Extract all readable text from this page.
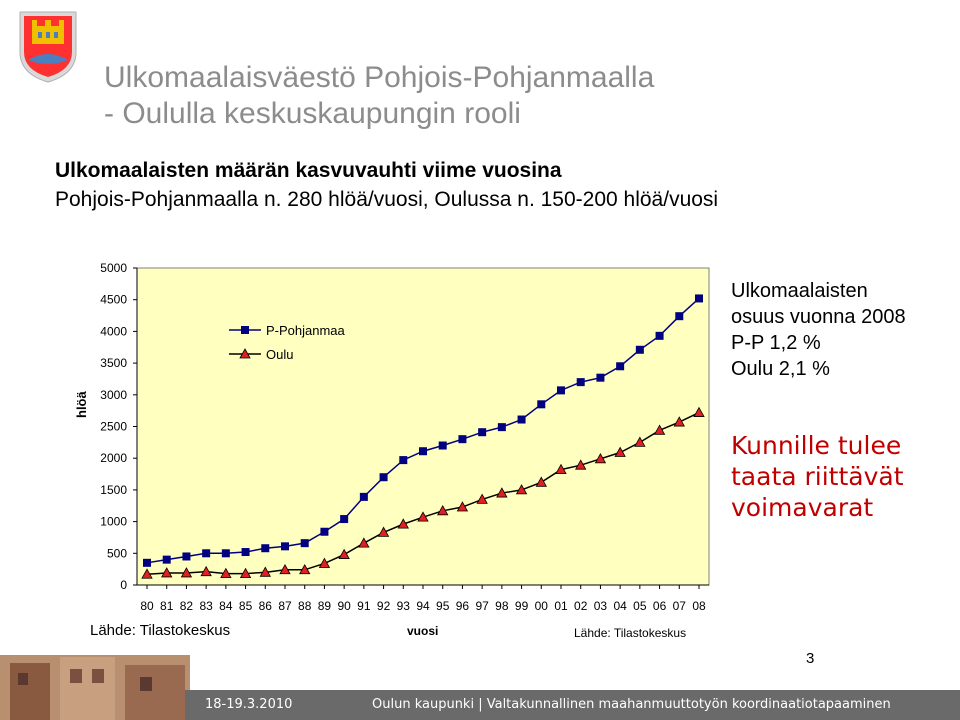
Ulkomaalaisväestö Pohjois-Pohjanmaalla
- Oululla keskuskaupungin rooli
Ulkomaalaisten määrän kasvuvauhti viime vuosina
Pohjois-Pohjanmaalla n. 280 hlöä/vuosi, Oulussa n. 150-200 hlöä/vuosi
hlöä
0
500
1000
1500
2000
2500
3000
3500
4000
4500
5000
80 81 82 83 84 85 86 87 88 89 90 91 92 93 94 95 96 97 98 99 00 01 02 03 04 05 06 07 08
P-Pohjanmaa
Oulu
vuosi
Ulkomaalaisten
osuus vuonna 2008
P-P 1,2 %
Oulu 2,1 %
Kunnille tulee taata riittävät voimavarat
Lähde: Tilastokeskus	Lähde: Tilastokeskus
3
18-19.3.2010	Oulun kaupunki | Valtakunnallinen maahanmuuttotyön koordinaatiotapaaminen
